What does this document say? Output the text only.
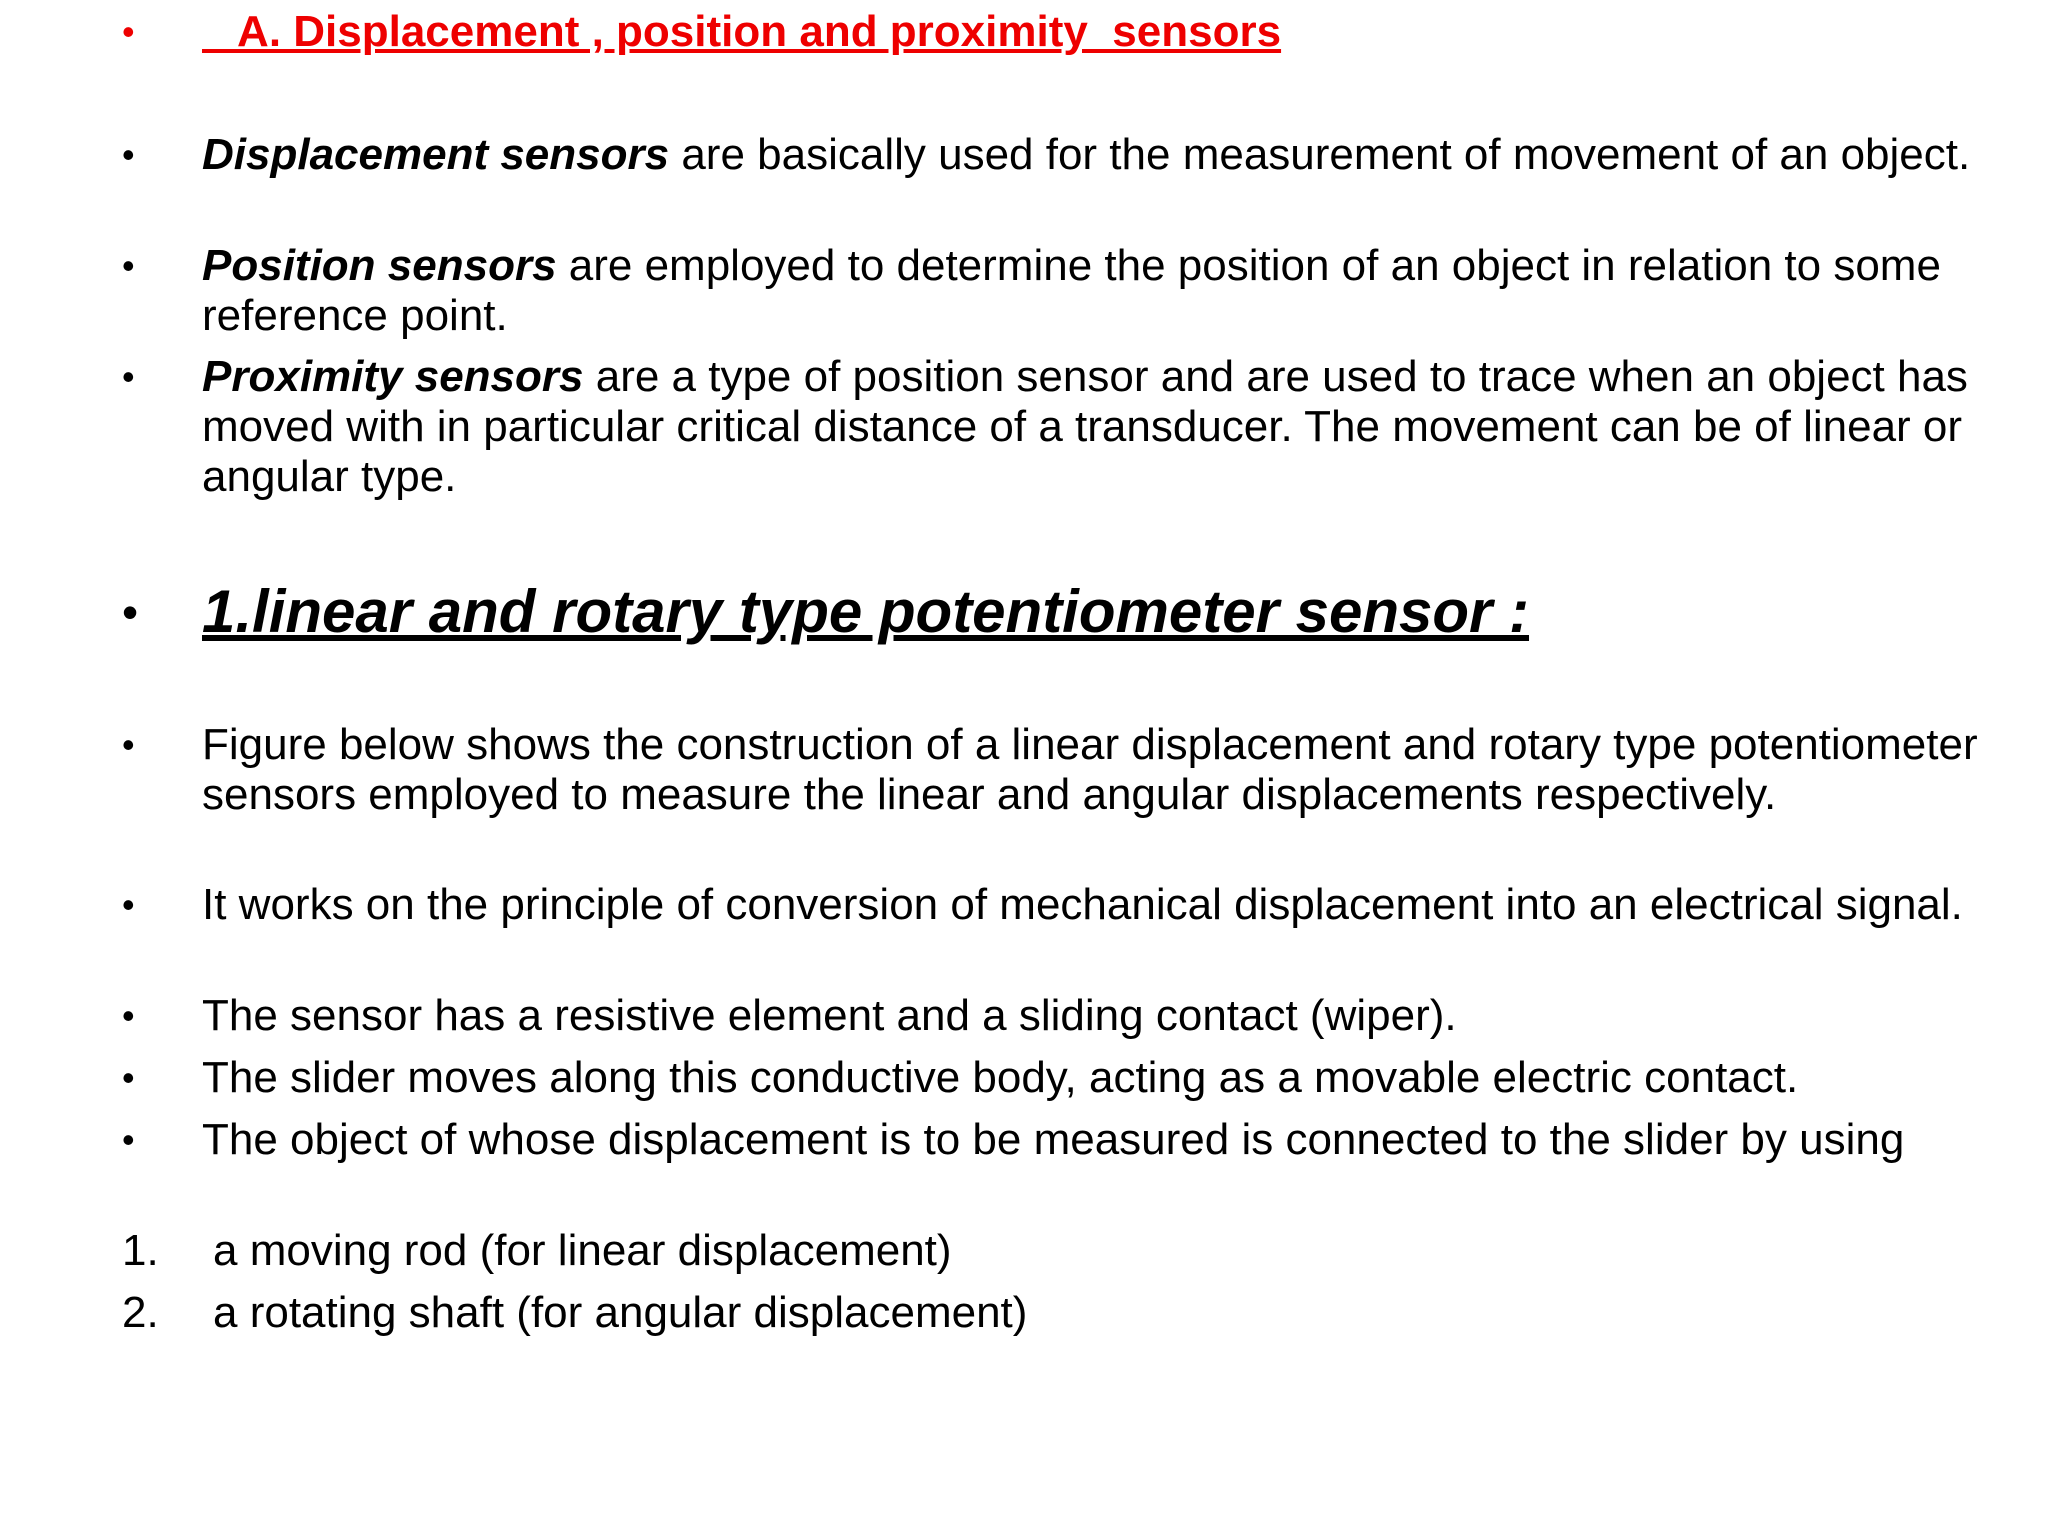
•	A. Displacement , position and proximity  sensors
•	Displacement sensors are basically used for the measurement of movement of an object.
•	Position sensors are employed to determine the position of an object in relation to some reference point.
•	Proximity sensors are a type of position sensor and are used to trace when an object has moved with in particular critical distance of a transducer. The movement can be of linear or angular type.
• 1.linear and rotary type potentiometer sensor :
•	Figure below shows the construction of a linear displacement and rotary type potentiometer sensors employed to measure the linear and angular displacements respectively.
•	It works on the principle of conversion of mechanical displacement into an electrical signal.
•	The sensor has a resistive element and a sliding contact (wiper).
•	The slider moves along this conductive body, acting as a movable electric contact.
•	The object of whose displacement is to be measured is connected to the slider by using
1.	a moving rod (for linear displacement)
2.	a rotating shaft (for angular displacement)
